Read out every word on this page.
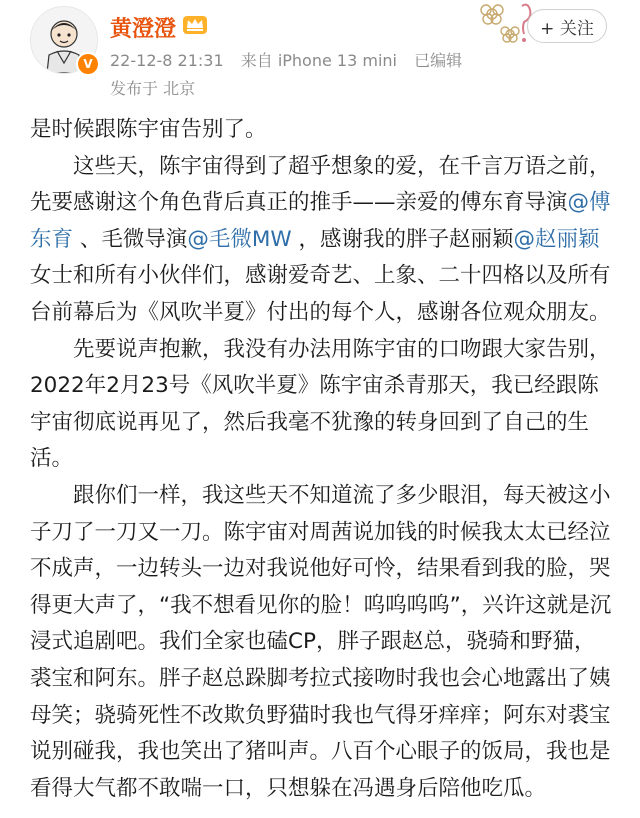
V
黄澄澄
22-12-8 21:31 来自 iPhone 13 mini 已编辑
发布于 北京
+ 关注

是时候跟陈宇宙告别了。

这些天，陈宇宙得到了超乎想象的爱，在千言万语之前，先要感谢这个角色背后真正的推手——亲爱的傅东育导演@傅东育 、毛微导演@毛微MW ，感谢我的胖子赵丽颖@赵丽颖 女士和所有小伙伴们，感谢爱奇艺、上象、二十四格以及所有台前幕后为《风吹半夏》付出的每个人，感谢各位观众朋友。

先要说声抱歉，我没有办法用陈宇宙的口吻跟大家告别，2022年2月23号《风吹半夏》陈宇宙杀青那天，我已经跟陈宇宙彻底说再见了，然后我毫不犹豫的转身回到了自己的生活。

跟你们一样，我这些天不知道流了多少眼泪，每天被这小子刀了一刀又一刀。陈宇宙对周茜说加钱的时候我太太已经泣不成声，一边转头一边对我说他好可怜，结果看到我的脸，哭得更大声了，“我不想看见你的脸！呜呜呜呜”，兴许这就是沉浸式追剧吧。我们全家也磕CP，胖子跟赵总，骁骑和野猫，裘宝和阿东。胖子赵总跺脚考拉式接吻时我也会心地露出了姨母笑；骁骑死性不改欺负野猫时我也气得牙痒痒；阿东对裘宝说别碰我，我也笑出了猪叫声。八百个心眼子的饭局，我也是看得大气都不敢喘一口，只想躲在冯遇身后陪他吃瓜。
